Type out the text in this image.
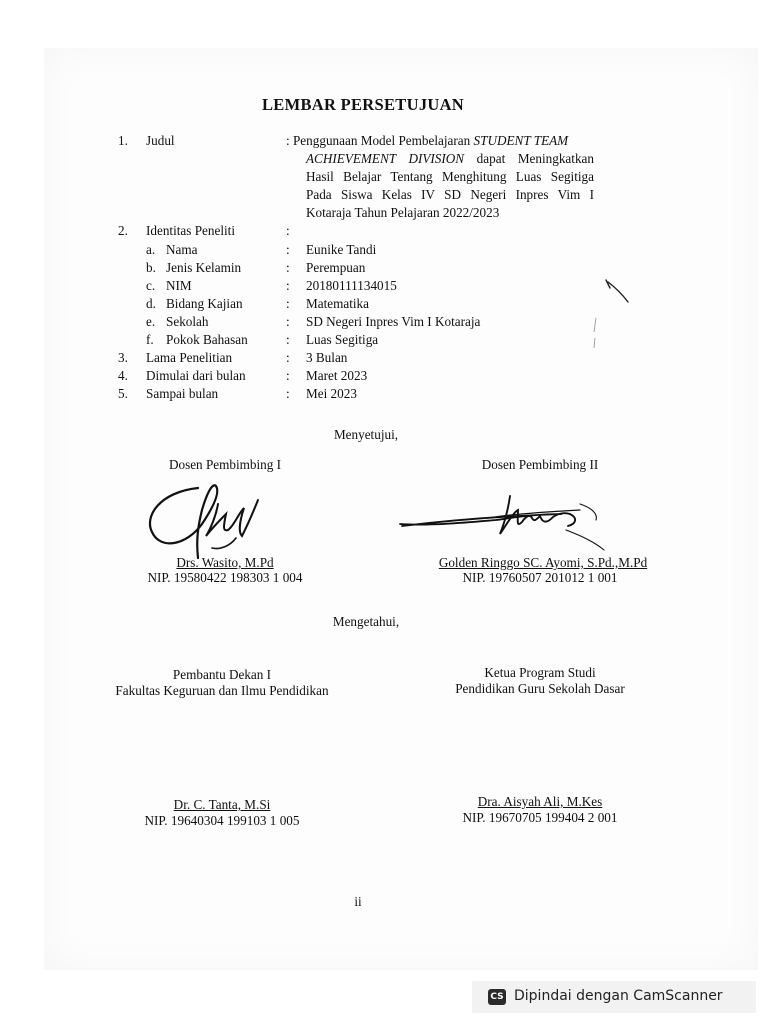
LEMBAR PERSETUJUAN
1. Judul	: Penggunaan Model Pembelajaran STUDENT TEAM
ACHIEVEMENT DIVISION dapat Meningkatkan
Hasil Belajar Tentang Menghitung Luas Segitiga
Pada Siswa Kelas IV SD Negeri Inpres Vim I
Kotaraja Tahun Pelajaran 2022/2023
2. Identitas Peneliti	:
a. Nama	: Eunike Tandi
b. Jenis Kelamin	: Perempuan
c. NIM	: 20180111134015
d. Bidang Kajian	: Matematika
e. Sekolah	: SD Negeri Inpres Vim I Kotaraja
f. Pokok Bahasan	: Luas Segitiga
3. Lama Penelitian	: 3 Bulan
4. Dimulai dari bulan	: Maret 2023
5. Sampai bulan	: Mei 2023
Menyetujui,
Dosen Pembimbing I
Drs. Wasito, M.Pd
NIP. 19580422 198303 1 004
Dosen Pembimbing II
Golden Ringgo SC. Ayomi, S.Pd.,M.Pd
NIP. 19760507 201012 1 001
Mengetahui,
Pembantu Dekan I
Fakultas Keguruan dan Ilmu Pendidikan
Dr. C. Tanta, M.Si
NIP. 19640304 199103 1 005
Ketua Program Studi
Pendidikan Guru Sekolah Dasar
Dra. Aisyah Ali, M.Kes
NIP. 19670705 199404 2 001
ii
CS Dipindai dengan CamScanner
